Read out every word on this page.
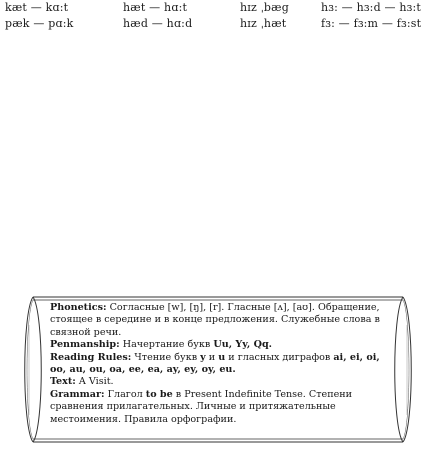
kæt — kɑ:t	hæt — hɑ:t	hɪz ˌbæg	hɜ: — hɜ:d — hɜ:t
pæk — pɑ:k	hæd — hɑ:d	hɪz ˌhæt	fɜ: — fɜ:m — fɜ:st

Phonetics: Согласные [w], [ŋ], [r]. Гласные [ʌ], [aʊ]. Обращение, стоящее в середине и в конце предложения. Служебные слова в связной речи.

Penmanship: Начертание букв Uu, Yy, Qq.

Reading Rules: Чтение букв y и u и гласных диграфов ai, ei, oi, oo, au, ou, oa, ee, ea, ay, ey, oy, eu.

Text: A Visit.

Grammar: Глагол to be в Present Indefinite Tense. Степени сравнения прилагательных. Личные и притяжательные местоимения. Правила орфографии.
